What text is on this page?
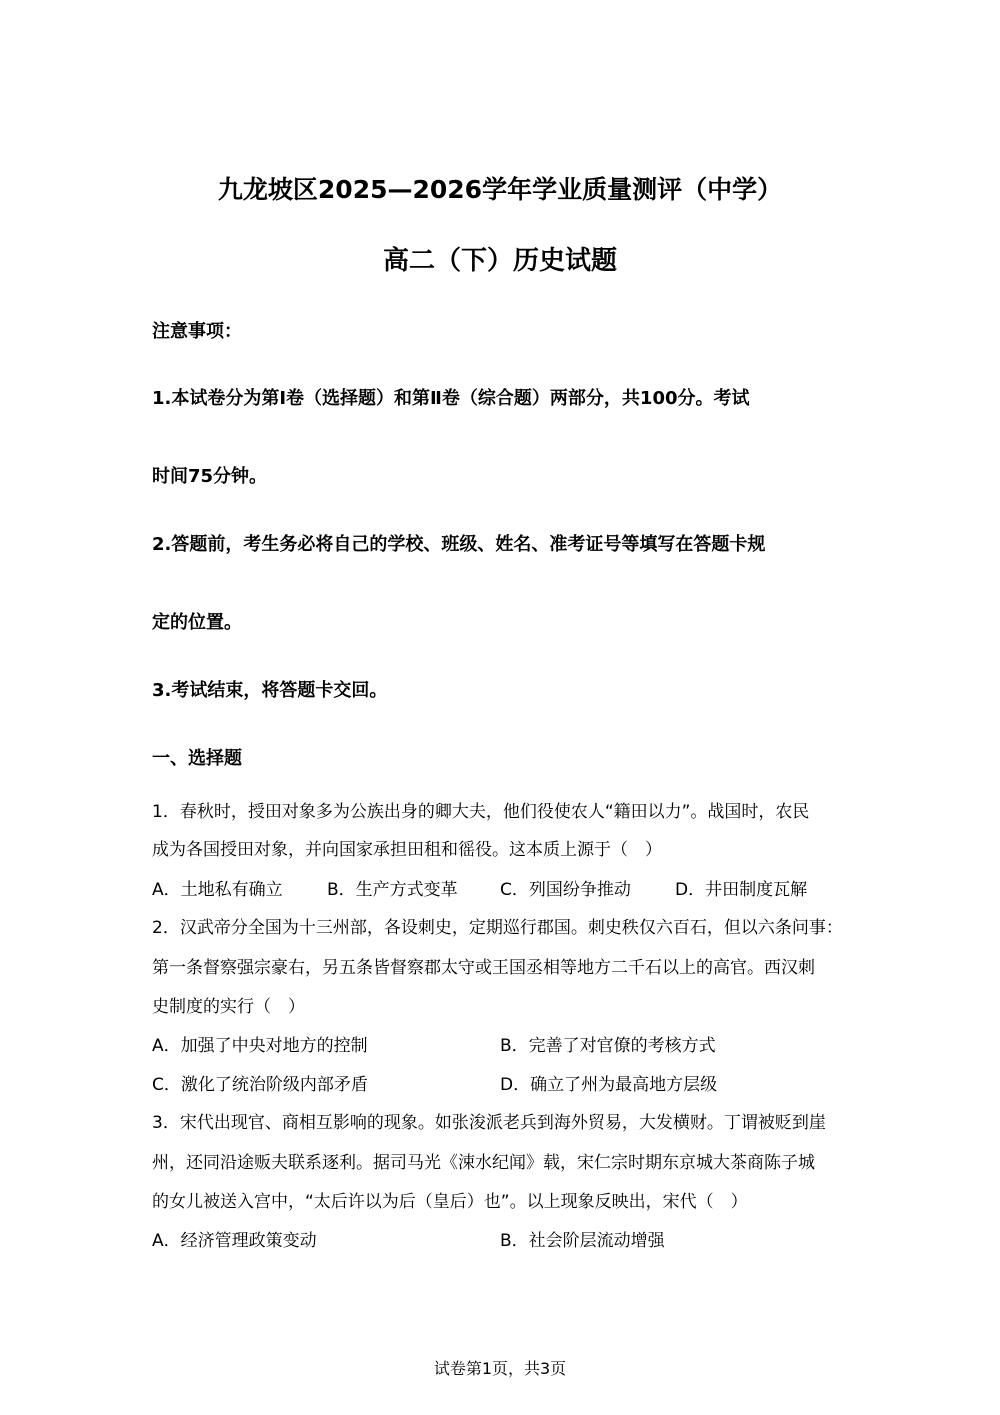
九龙坡区2025—2026学年学业质量测评（中学）
高二（下）历史试题
注意事项：
1.本试卷分为第Ⅰ卷（选择题）和第Ⅱ卷（综合题）两部分，共100分。考试
时间75分钟。
2.答题前，考生务必将自己的学校、班级、姓名、准考证号等填写在答题卡规
定的位置。
3.考试结束，将答题卡交回。
一、选择题
1．春秋时，授田对象多为公族出身的卿大夫，他们役使农人“籍田以力”。战国时，农民
成为各国授田对象，并向国家承担田租和徭役。这本质上源于（　）
A．土地私有确立	B．生产方式变革 C．列国纷争推动	D．井田制度瓦解
2．汉武帝分全国为十三州部，各设刺史，定期巡行郡国。刺史秩仅六百石，但以六条问事：
第一条督察强宗豪右，另五条皆督察郡太守或王国丞相等地方二千石以上的高官。西汉刺
史制度的实行（　）
A．加强了中央对地方的控制	B．完善了对官僚的考核方式
C．激化了统治阶级内部矛盾	D．确立了州为最高地方层级
3．宋代出现官、商相互影响的现象。如张浚派老兵到海外贸易，大发横财。丁谓被贬到崖
州，还同沿途贩夫联系逐利。据司马光《涑水纪闻》载，宋仁宗时期东京城大茶商陈子城
的女儿被送入宫中，“太后许以为后（皇后）也”。以上现象反映出，宋代（　）
A．经济管理政策变动	B．社会阶层流动增强
试卷第1页，共3页
